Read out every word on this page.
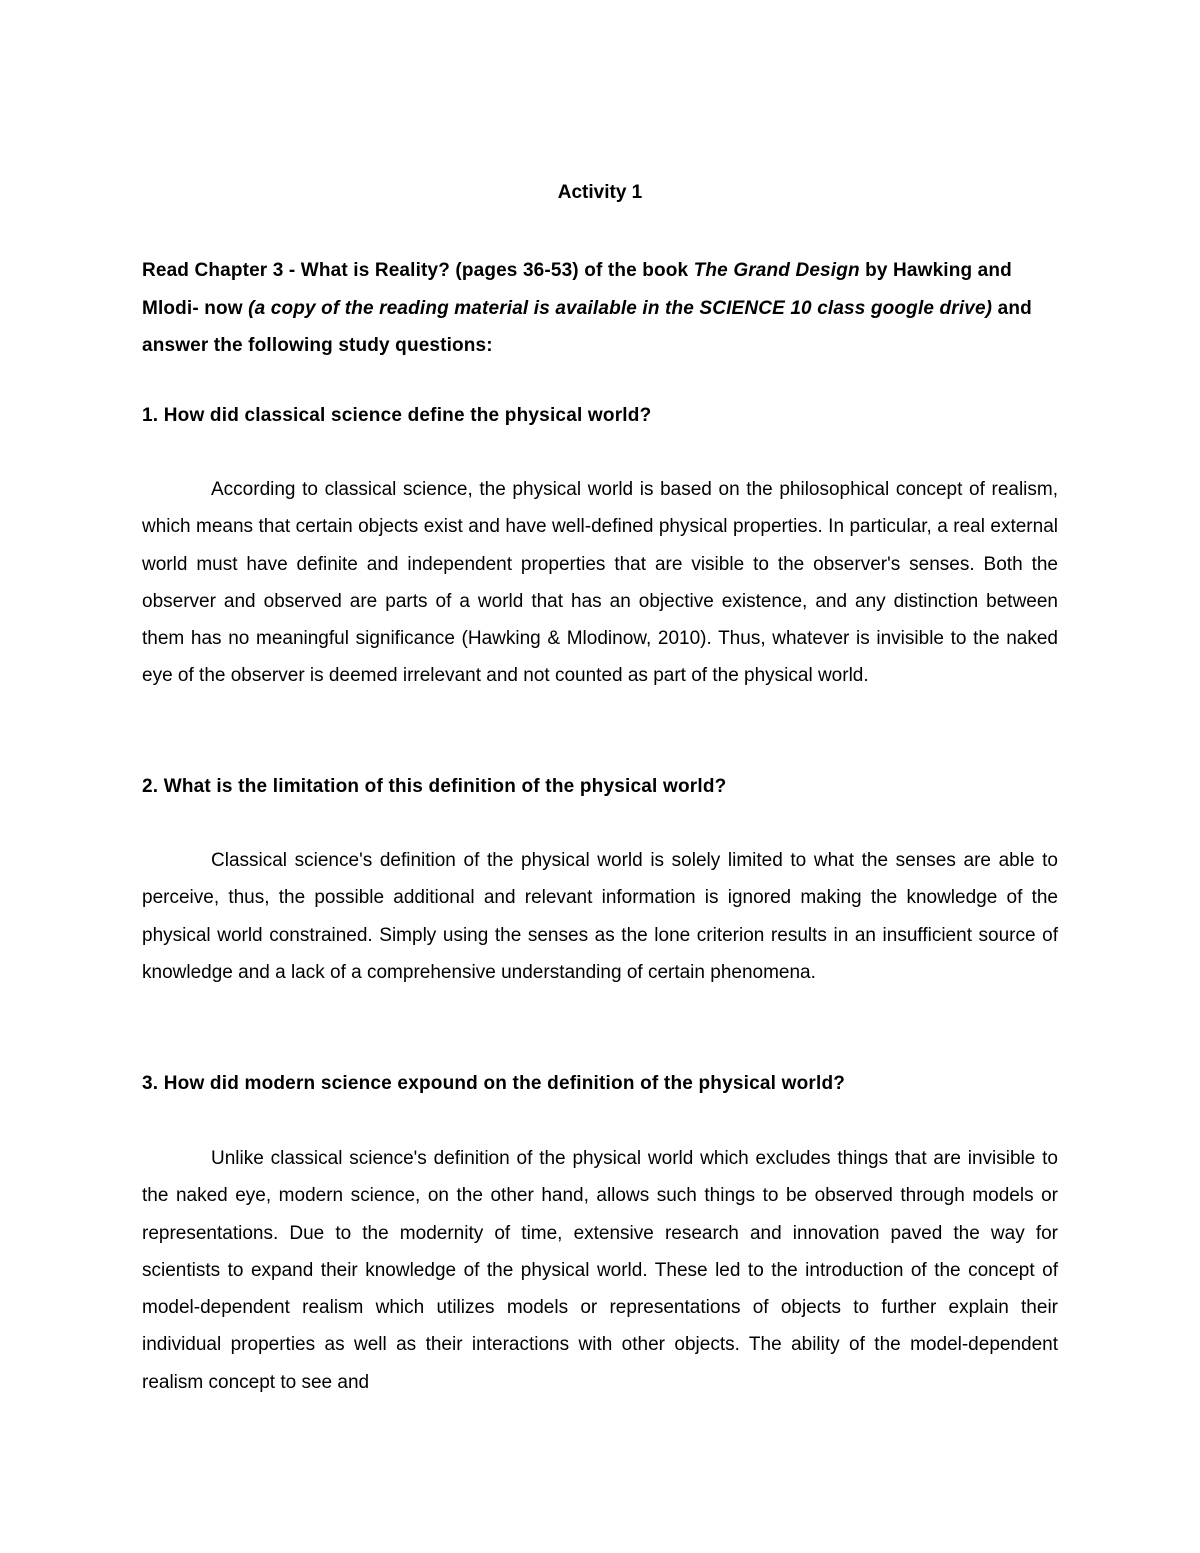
Activity 1
Read Chapter 3 - What is Reality? (pages 36-53) of the book The Grand Design by Hawking and Mlodi- now (a copy of the reading material is available in the SCIENCE 10 class google drive) and answer the following study questions:
1. How did classical science define the physical world?

According to classical science, the physical world is based on the philosophical concept of realism, which means that certain objects exist and have well-defined physical properties. In particular, a real external world must have definite and independent properties that are visible to the observer's senses. Both the observer and observed are parts of a world that has an objective existence, and any distinction between them has no meaningful significance (Hawking & Mlodinow, 2010). Thus, whatever is invisible to the naked eye of the observer is deemed irrelevant and not counted as part of the physical world.

2. What is the limitation of this definition of the physical world?

Classical science's definition of the physical world is solely limited to what the senses are able to perceive, thus, the possible additional and relevant information is ignored making the knowledge of the physical world constrained. Simply using the senses as the lone criterion results in an insufficient source of knowledge and a lack of a comprehensive understanding of certain phenomena.

3. How did modern science expound on the definition of the physical world?

Unlike classical science's definition of the physical world which excludes things that are invisible to the naked eye, modern science, on the other hand, allows such things to be observed through models or representations. Due to the modernity of time, extensive research and innovation paved the way for scientists to expand their knowledge of the physical world. These led to the introduction of the concept of model-dependent realism which utilizes models or representations of objects to further explain their individual properties as well as their interactions with other objects. The ability of the model-dependent realism concept to see and
